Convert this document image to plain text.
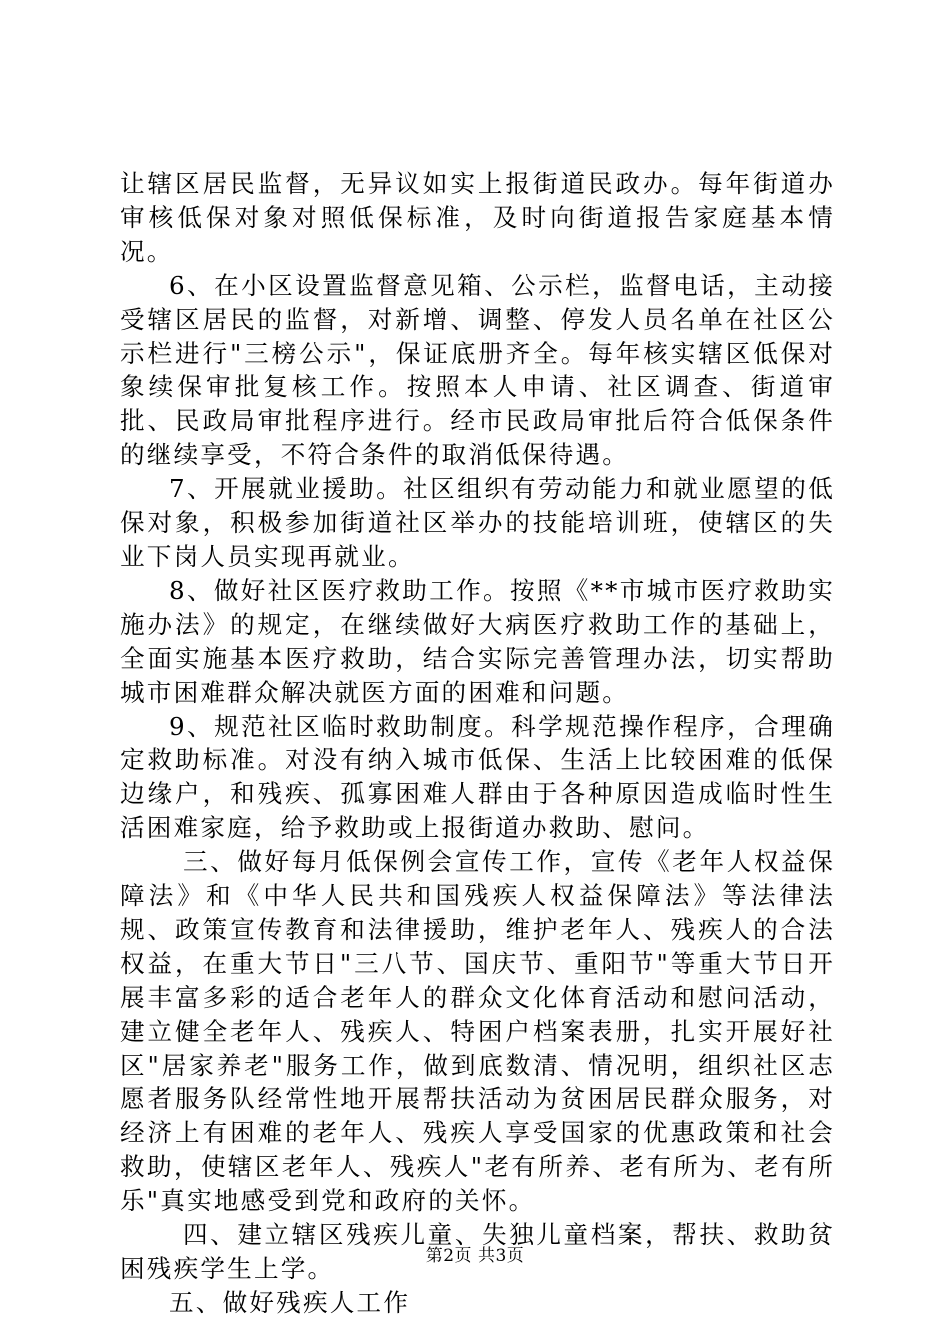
让辖区居民监督，无异议如实上报街道民政办。每年街道办审核低保对象对照低保标准，及时向街道报告家庭基本情况。

6、在小区设置监督意见箱、公示栏，监督电话，主动接受辖区居民的监督，对新增、调整、停发人员名单在社区公示栏进行"三榜公示"，保证底册齐全。每年核实辖区低保对象续保审批复核工作。按照本人申请、社区调查、街道审批、民政局审批程序进行。经市民政局审批后符合低保条件的继续享受，不符合条件的取消低保待遇。

7、开展就业援助。社区组织有劳动能力和就业愿望的低保对象，积极参加街道社区举办的技能培训班，使辖区的失业下岗人员实现再就业。

8、做好社区医疗救助工作。按照《**市城市医疗救助实施办法》的规定，在继续做好大病医疗救助工作的基础上，全面实施基本医疗救助，结合实际完善管理办法，切实帮助城市困难群众解决就医方面的困难和问题。

9、规范社区临时救助制度。科学规范操作程序，合理确定救助标准。对没有纳入城市低保、生活上比较困难的低保边缘户，和残疾、孤寡困难人群由于各种原因造成临时性生活困难家庭，给予救助或上报街道办救助、慰问。

三、做好每月低保例会宣传工作，宣传《老年人权益保障法》和《中华人民共和国残疾人权益保障法》等法律法规、政策宣传教育和法律援助，维护老年人、残疾人的合法权益，在重大节日"三八节、国庆节、重阳节"等重大节日开展丰富多彩的适合老年人的群众文化体育活动和慰问活动，建立健全老年人、残疾人、特困户档案表册，扎实开展好社区"居家养老"服务工作，做到底数清、情况明，组织社区志愿者服务队经常性地开展帮扶活动为贫困居民群众服务，对经济上有困难的老年人、残疾人享受国家的优惠政策和社会救助，使辖区老年人、残疾人"老有所养、老有所为、老有所乐"真实地感受到党和政府的关怀。

四、建立辖区残疾儿童、失独儿童档案，帮扶、救助贫困残疾学生上学。

五、做好残疾人工作

第2页 共3页
